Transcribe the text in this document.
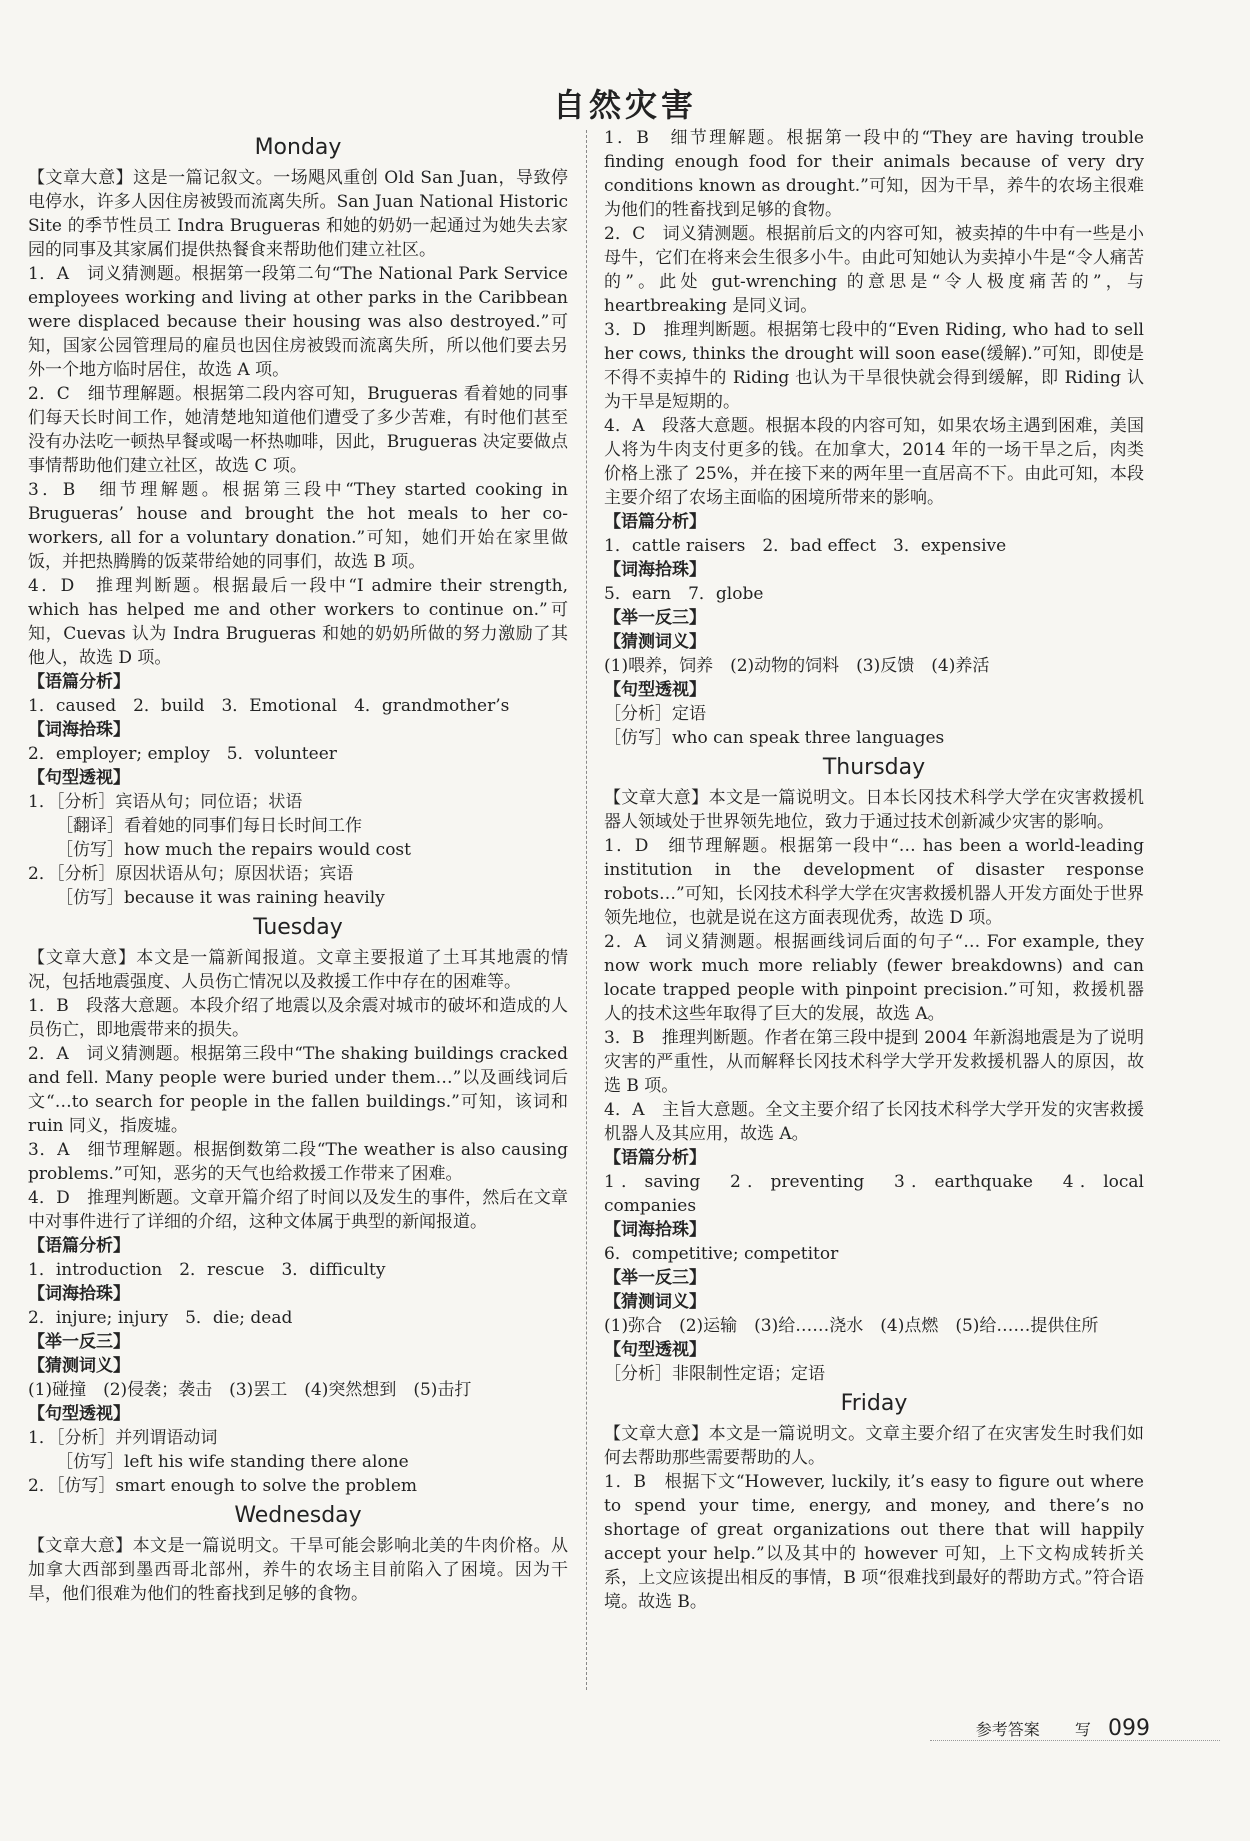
自然灾害
Monday
【文章大意】这是一篇记叙文。一场飓风重创 Old San Juan，导致停电停水，许多人因住房被毁而流离失所。San Juan National Historic Site 的季节性员工 Indra Brugueras 和她的奶奶一起通过为她失去家园的同事及其家属们提供热餐食来帮助他们建立社区。
1．A　词义猜测题。根据第一段第二句“The National Park Service employees working and living at other parks in the Caribbean were displaced because their housing was also destroyed.”可知，国家公园管理局的雇员也因住房被毁而流离失所，所以他们要去另外一个地方临时居住，故选 A 项。
2．C　细节理解题。根据第二段内容可知，Brugueras 看着她的同事们每天长时间工作，她清楚地知道他们遭受了多少苦难，有时他们甚至没有办法吃一顿热早餐或喝一杯热咖啡，因此，Brugueras 决定要做点事情帮助他们建立社区，故选 C 项。
3．B　细节理解题。根据第三段中“They started cooking in Brugueras’ house and brought the hot meals to her co-workers, all for a voluntary donation.”可知，她们开始在家里做饭，并把热腾腾的饭菜带给她的同事们，故选 B 项。
4．D　推理判断题。根据最后一段中“I admire their strength, which has helped me and other workers to continue on.”可知，Cuevas 认为 Indra Brugueras 和她的奶奶所做的努力激励了其他人，故选 D 项。
【语篇分析】
1．caused　2．build　3．Emotional　4．grandmother’s
【词海拾珠】
2．employer; employ　5．volunteer
【句型透视】
1．［分析］宾语从句；同位语；状语
［翻译］看着她的同事们每日长时间工作
［仿写］how much the repairs would cost
2．［分析］原因状语从句；原因状语；宾语
［仿写］because it was raining heavily
Tuesday
【文章大意】本文是一篇新闻报道。文章主要报道了土耳其地震的情况，包括地震强度、人员伤亡情况以及救援工作中存在的困难等。
1．B　段落大意题。本段介绍了地震以及余震对城市的破坏和造成的人员伤亡，即地震带来的损失。
2．A　词义猜测题。根据第三段中“The shaking buildings cracked and fell. Many people were buried under them…”以及画线词后文“…to search for people in the fallen buildings.”可知，该词和 ruin 同义，指废墟。
3．A　细节理解题。根据倒数第二段“The weather is also causing problems.”可知，恶劣的天气也给救援工作带来了困难。
4．D　推理判断题。文章开篇介绍了时间以及发生的事件，然后在文章中对事件进行了详细的介绍，这种文体属于典型的新闻报道。
【语篇分析】
1．introduction　2．rescue　3．difficulty
【词海拾珠】
2．injure; injury　5．die; dead
【举一反三】
【猜测词义】
(1)碰撞　(2)侵袭；袭击　(3)罢工　(4)突然想到　(5)击打
【句型透视】
1．［分析］并列谓语动词
［仿写］left his wife standing there alone
2．［仿写］smart enough to solve the problem
Wednesday
【文章大意】本文是一篇说明文。干旱可能会影响北美的牛肉价格。从加拿大西部到墨西哥北部州，养牛的农场主目前陷入了困境。因为干旱，他们很难为他们的牲畜找到足够的食物。
1．B　细节理解题。根据第一段中的“They are having trouble finding enough food for their animals because of very dry conditions known as drought.”可知，因为干旱，养牛的农场主很难为他们的牲畜找到足够的食物。
2．C　词义猜测题。根据前后文的内容可知，被卖掉的牛中有一些是小母牛，它们在将来会生很多小牛。由此可知她认为卖掉小牛是“令人痛苦的”。此处 gut-wrenching 的意思是“令人极度痛苦的”，与 heartbreaking 是同义词。
3．D　推理判断题。根据第七段中的“Even Riding, who had to sell her cows, thinks the drought will soon ease(缓解).”可知，即使是不得不卖掉牛的 Riding 也认为干旱很快就会得到缓解，即 Riding 认为干旱是短期的。
4．A　段落大意题。根据本段的内容可知，如果农场主遇到困难，美国人将为牛肉支付更多的钱。在加拿大，2014 年的一场干旱之后，肉类价格上涨了 25%，并在接下来的两年里一直居高不下。由此可知，本段主要介绍了农场主面临的困境所带来的影响。
【语篇分析】
1．cattle raisers　2．bad effect　3．expensive
【词海拾珠】
5．earn　7．globe
【举一反三】
【猜测词义】
(1)喂养，饲养　(2)动物的饲料　(3)反馈　(4)养活
【句型透视】
［分析］定语
［仿写］who can speak three languages
Thursday
【文章大意】本文是一篇说明文。日本长冈技术科学大学在灾害救援机器人领域处于世界领先地位，致力于通过技术创新减少灾害的影响。
1．D　细节理解题。根据第一段中“… has been a world-leading institution in the development of disaster response robots…”可知，长冈技术科学大学在灾害救援机器人开发方面处于世界领先地位，也就是说在这方面表现优秀，故选 D 项。
2．A　词义猜测题。根据画线词后面的句子“… For example, they now work much more reliably (fewer breakdowns) and can locate trapped people with pinpoint precision.”可知，救援机器人的技术这些年取得了巨大的发展，故选 A。
3．B　推理判断题。作者在第三段中提到 2004 年新潟地震是为了说明灾害的严重性，从而解释长冈技术科学大学开发救援机器人的原因，故选 B 项。
4．A　主旨大意题。全文主要介绍了长冈技术科学大学开发的灾害救援机器人及其应用，故选 A。
【语篇分析】
1．saving　2．preventing　3．earthquake　4．local companies
【词海拾珠】
6．competitive; competitor
【举一反三】
【猜测词义】
(1)弥合　(2)运输　(3)给……浇水　(4)点燃　(5)给……提供住所
【句型透视】
［分析］非限制性定语；定语
Friday
【文章大意】本文是一篇说明文。文章主要介绍了在灾害发生时我们如何去帮助那些需要帮助的人。
1．B　根据下文“However, luckily, it’s easy to figure out where to spend your time, energy, and money, and there’s no shortage of great organizations out there that will happily accept your help.”以及其中的 however 可知，上下文构成转折关系，上文应该提出相反的事情，B 项“很难找到最好的帮助方式。”符合语境。故选 B。
参考答案 写 099
